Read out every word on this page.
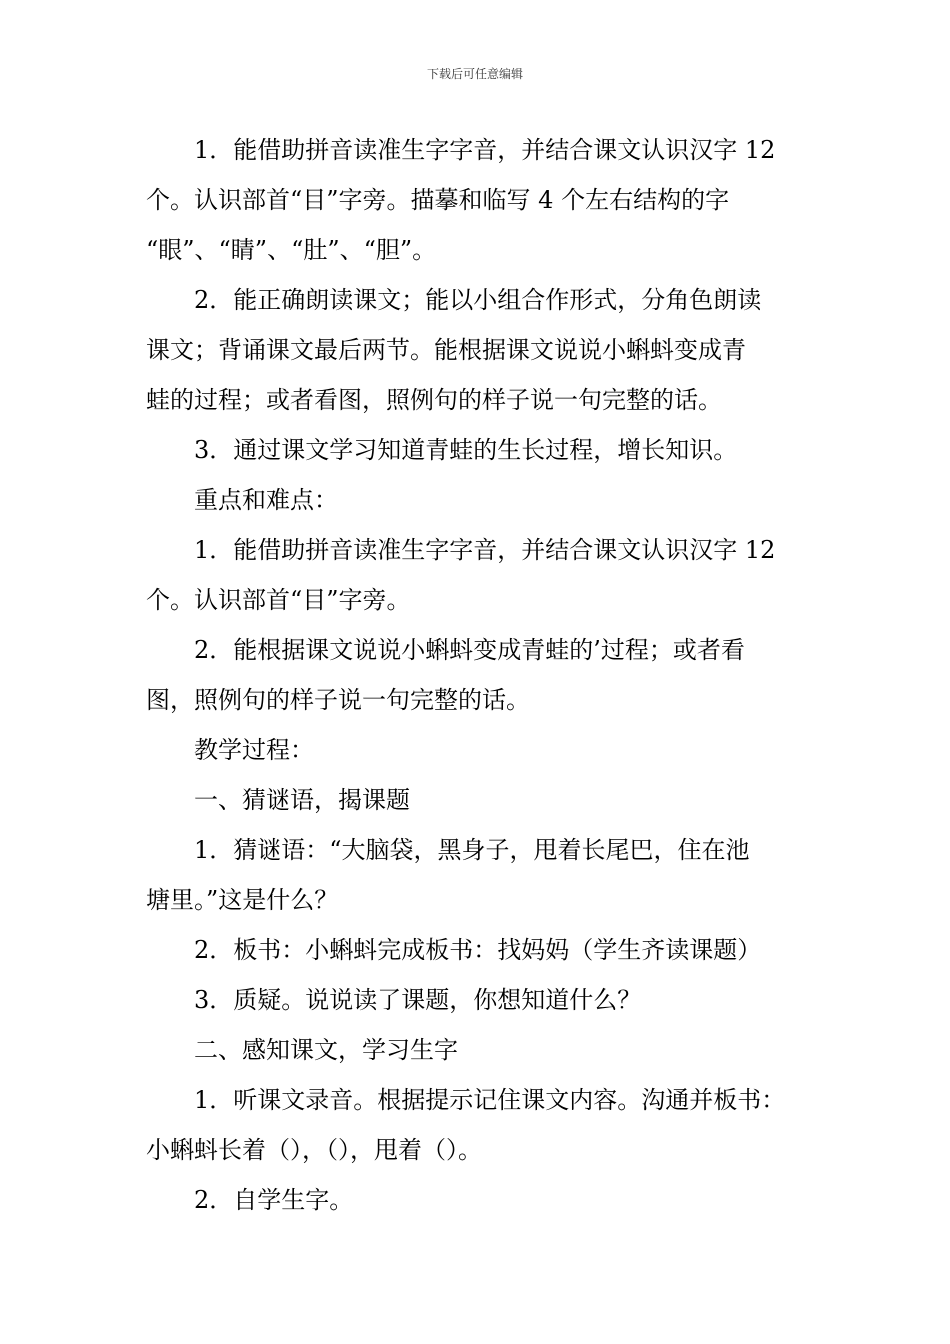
下载后可任意编辑

1．能借助拼音读准生字字音，并结合课文认识汉字 12
个。认识部首“目”字旁。描摹和临写 4 个左右结构的字
“眼”、“睛”、“肚”、“胆”。

2．能正确朗读课文；能以小组合作形式，分角色朗读
课文；背诵课文最后两节。能根据课文说说小蝌蚪变成青
蛙的过程；或者看图，照例句的样子说一句完整的话。

3．通过课文学习知道青蛙的生长过程，增长知识。

重点和难点：

1．能借助拼音读准生字字音，并结合课文认识汉字 12
个。认识部首“目”字旁。

2．能根据课文说说小蝌蚪变成青蛙的’过程；或者看
图，照例句的样子说一句完整的话。

教学过程：

一、猜谜语，揭课题

1．猜谜语：“大脑袋，黑身子，甩着长尾巴，住在池
塘里。”这是什么？

2．板书：小蝌蚪完成板书：找妈妈（学生齐读课题）

3．质疑。说说读了课题，你想知道什么？

二、感知课文，学习生字

1．听课文录音。根据提示记住课文内容。沟通并板书：
小蝌蚪长着（），（），甩着（）。

2．自学生字。
